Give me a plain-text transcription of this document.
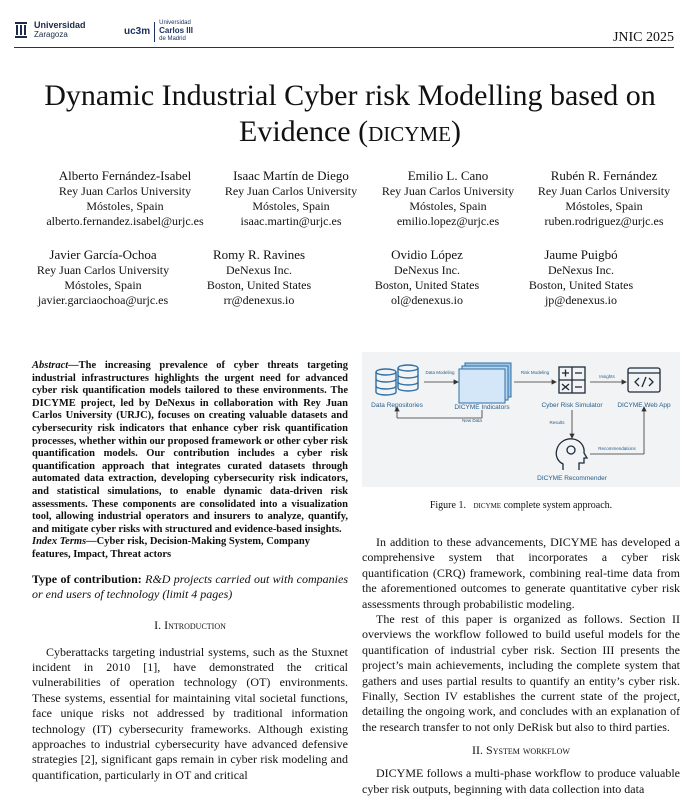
Universidad
Zaragoza	uc3m
Universidad
Carlos III
de Madrid	JNIC 2025
Dynamic Industrial Cyber risk Modelling based on Evidence (dicyme)
Alberto Fernández-Isabel
Rey Juan Carlos University
Móstoles, Spain
alberto.fernandez.isabel@urjc.es
Isaac Martín de Diego
Rey Juan Carlos University
Móstoles, Spain
isaac.martin@urjc.es
Emilio L. Cano
Rey Juan Carlos University
Móstoles, Spain
emilio.lopez@urjc.es
Rubén R. Fernández
Rey Juan Carlos University
Móstoles, Spain
ruben.rodriguez@urjc.es
Javier García-Ochoa
Rey Juan Carlos University
Móstoles, Spain
javier.garciaochoa@urjc.es
Romy R. Ravines
DeNexus Inc.
Boston, United States
rr@denexus.io
Ovidio López
DeNexus Inc.
Boston, United States
ol@denexus.io
Jaume Puigbó
DeNexus Inc.
Boston, United States
jp@denexus.io

Abstract—The increasing prevalence of cyber threats targeting industrial infrastructures highlights the urgent need for advanced cyber risk quantification models tailored to these environments. The DICYME project, led by DeNexus in collaboration with Rey Juan Carlos University (URJC), focuses on creating valuable datasets and cybersecurity risk indicators that enhance cyber risk quantification processes, whether within our proposed framework or other cyber risk quantification models. Our contribution includes a cyber risk quantification approach that integrates curated datasets through automated data extraction, developing cybersecurity risk indicators, and statistical simulations, to enable dynamic data-driven risk assessments. These components are consolidated into a visualization tool, allowing industrial operators and insurers to analyze, quantify, and mitigate cyber risks with structured and evidence-based insights.

Index Terms—Cyber risk, Decision-Making System, Company features, Impact, Threat actors

Type of contribution: R&D projects carried out with companies or end users of technology (limit 4 pages)

I. Introduction

Cyberattacks targeting industrial systems, such as the Stuxnet incident in 2010 [1], have demonstrated the critical vulnerabilities of operation technology (OT) environments. These systems, essential for maintaining vital societal functions, face unique risks not addressed by traditional information technology (IT) cybersecurity frameworks. Although existing approaches to industrial cybersecurity have advanced defensive strategies [2], significant gaps remain in cyber risk modeling and quantification, particularly in OT and critical

Data Repositories	DICYME Indicators	Cyber Risk Simulator DICYME Web App
DICYME Recommender
Data Modeling	Risk Modeling
Insights
New Data	Results
Recommendations
Figure 1. dicyme complete system approach.

In addition to these advancements, DICYME has developed a comprehensive system that incorporates a cyber risk quantification (CRQ) framework, combining real-time data from the aforementioned outcomes to generate quantitative cyber risk assessments through probabilistic modeling.

The rest of this paper is organized as follows. Section II overviews the workflow followed to build useful models for the quantification of industrial cyber risk. Section III presents the project’s main achievements, including the complete system that gathers and uses partial results to quantify an entity’s cyber risk. Finally, Section IV establishes the current state of the project, detailing the ongoing work, and concludes with an explanation of the research transfer to not only DeRisk but also to third parties.

II. System workflow

DICYME follows a multi-phase workflow to produce valuable cyber risk outputs, beginning with data collection into data
